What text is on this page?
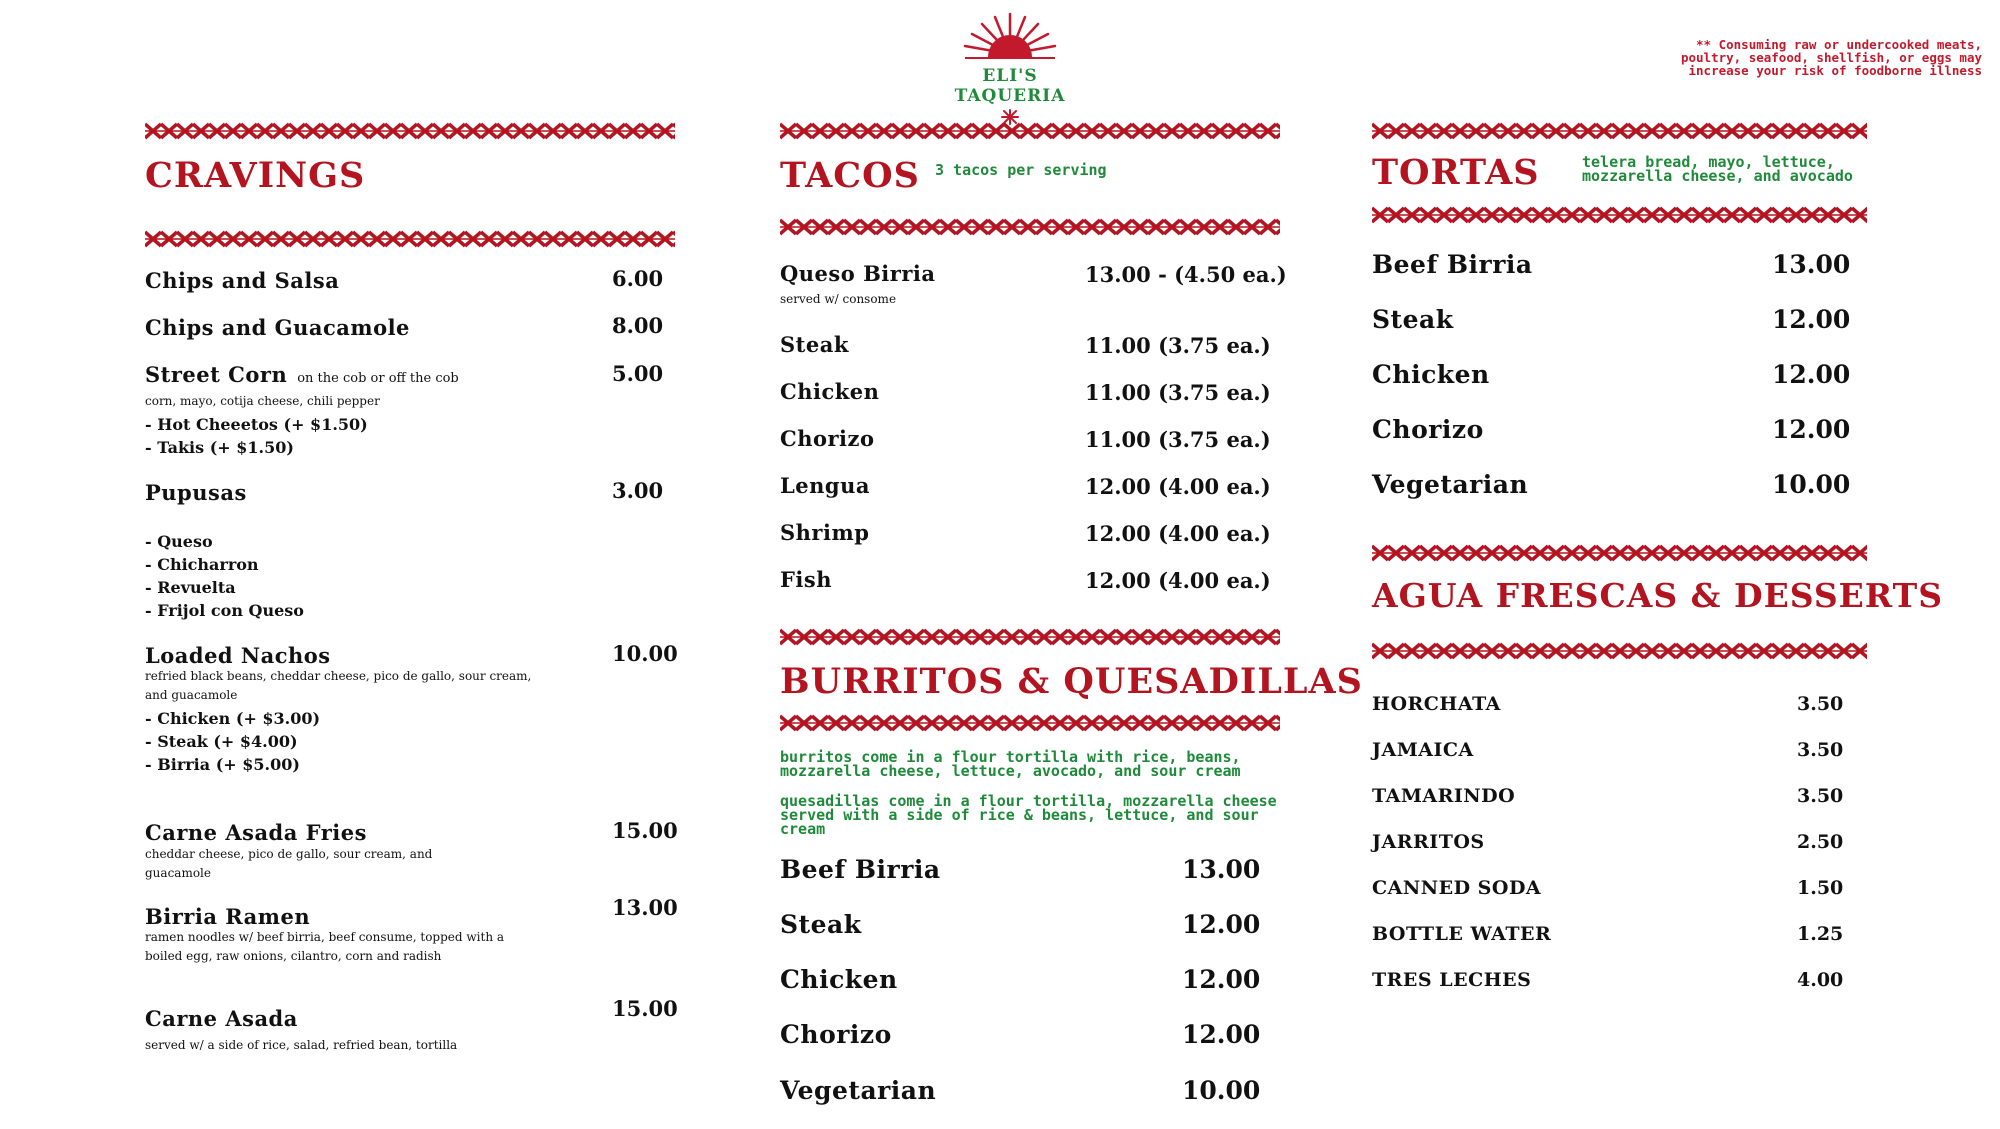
ELI'S TAQUERIA
** Consuming raw or undercooked meats, poultry, seafood, shellfish, or eggs may increase your risk of foodborne illness
CRAVINGS
Chips and Salsa	6.00
Chips and Guacamole	8.00
Street Corn on the cob or off the cob	5.00
corn, mayo, cotija cheese, chili pepper
- Hot Cheeetos (+ $1.50)
- Takis (+ $1.50)
Pupusas	3.00
- Queso
- Chicharron
- Revuelta
- Frijol con Queso
Loaded Nachos	10.00
refried black beans, cheddar cheese, pico de gallo, sour cream, and guacamole
- Chicken (+ $3.00)
- Steak (+ $4.00)
- Birria (+ $5.00)
Carne Asada Fries	15.00
cheddar cheese, pico de gallo, sour cream, and guacamole
Birria Ramen	13.00
ramen noodles w/ beef birria, beef consume, topped with a boiled egg, raw onions, cilantro, corn and radish
Carne Asada	15.00
served w/ a side of rice, salad, refried bean, tortilla
TACOS 3 tacos per serving
Queso Birria	13.00 - (4.50 ea.)
served w/ consome
Steak	11.00 (3.75 ea.)
Chicken	11.00 (3.75 ea.)
Chorizo	11.00 (3.75 ea.)
Lengua	12.00 (4.00 ea.)
Shrimp	12.00 (4.00 ea.)
Fish	12.00 (4.00 ea.)
BURRITOS & QUESADILLAS
burritos come in a flour tortilla with rice, beans, mozzarella cheese, lettuce, avocado, and sour cream
quesadillas come in a flour tortilla, mozzarella cheese served with a side of rice & beans, lettuce, and sour cream
Beef Birria	13.00
Steak	12.00
Chicken	12.00
Chorizo	12.00
Vegetarian	10.00
TORTAS	telera bread, mayo, lettuce, mozzarella cheese, and avocado
Beef Birria	13.00
Steak	12.00
Chicken	12.00
Chorizo	12.00
Vegetarian	10.00
AGUA FRESCAS & DESSERTS
HORCHATA	3.50
JAMAICA	3.50
TAMARINDO	3.50
JARRITOS	2.50
CANNED SODA	1.50
BOTTLE WATER	1.25
TRES LECHES	4.00
